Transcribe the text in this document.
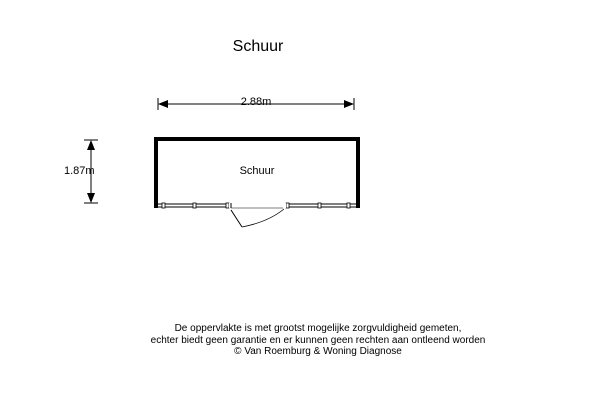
Schuur
Schuur
2.88m
1.87m
De oppervlakte is met grootst mogelijke zorgvuldigheid gemeten,
echter biedt geen garantie en er kunnen geen rechten aan ontleend worden
© Van Roemburg & Woning Diagnose
